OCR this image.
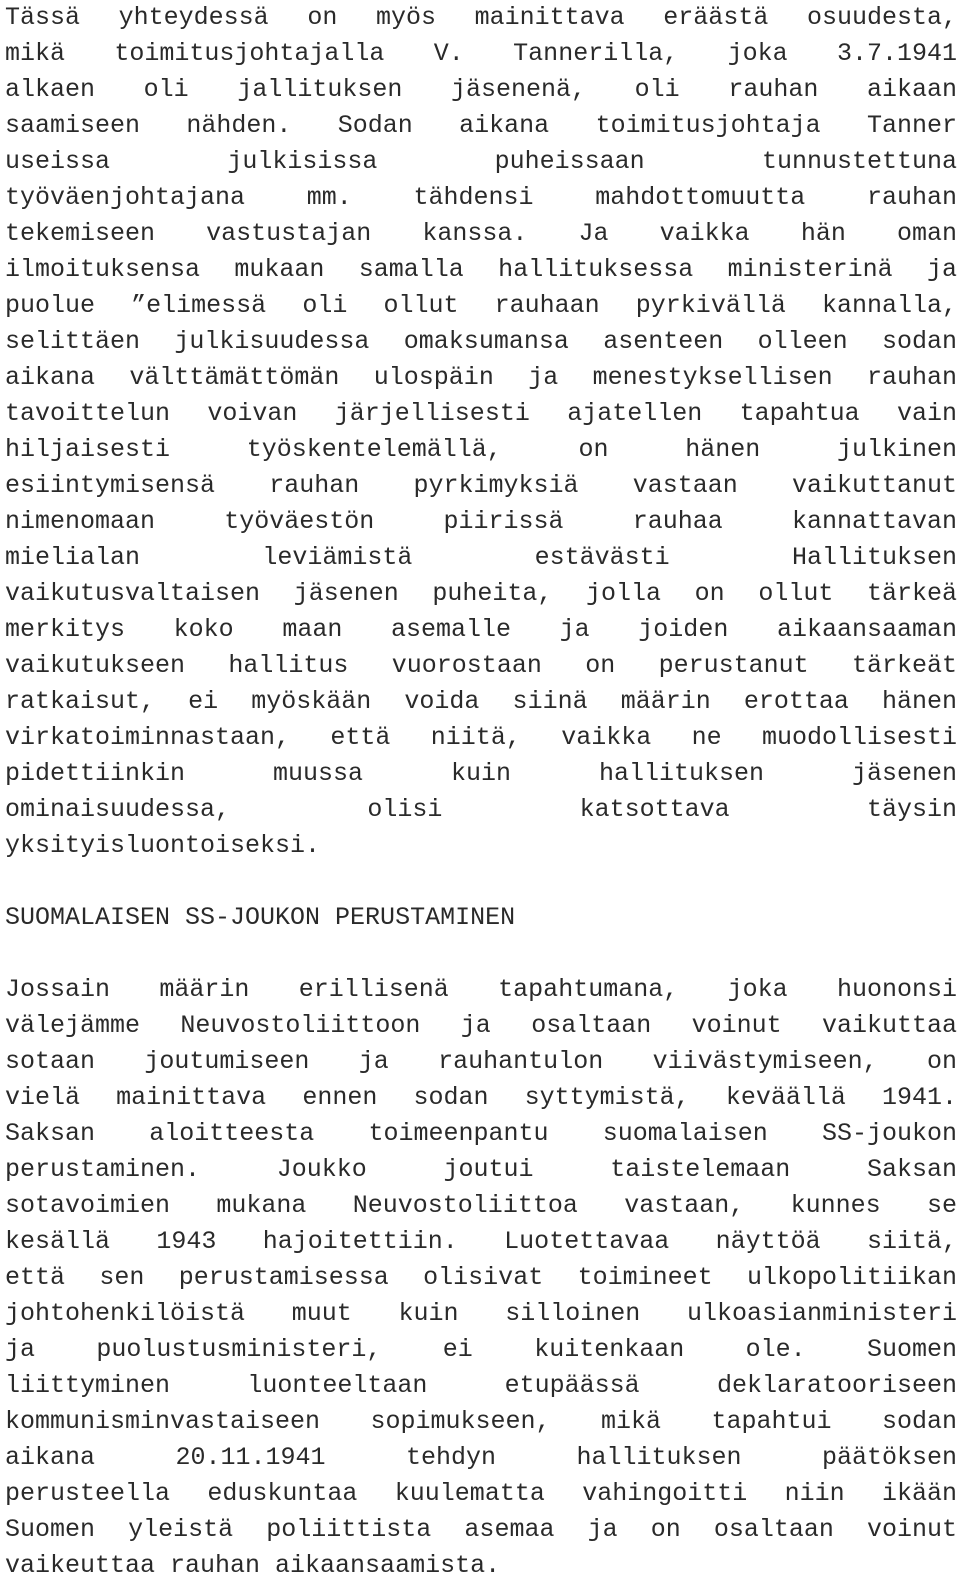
Tässä yhteydessä on myös mainittava eräästä osuudesta,
mikä toimitusjohtajalla V. Tannerilla, joka 3.7.1941
alkaen oli jallituksen jäsenenä, oli rauhan aikaan
saamiseen nähden. Sodan aikana toimitusjohtaja Tanner
useissa julkisissa puheissaan tunnustettuna
työväenjohtajana mm. tähdensi mahdottomuutta rauhan
tekemiseen vastustajan kanssa. Ja vaikka hän oman
ilmoituksensa mukaan samalla hallituksessa ministerinä ja
puolue ”elimessä oli ollut rauhaan pyrkivällä kannalla,
selittäen julkisuudessa omaksumansa asenteen olleen sodan
aikana välttämättömän ulospäin ja menestyksellisen rauhan
tavoittelun voivan järjellisesti ajatellen tapahtua vain
hiljaisesti työskentelemällä, on hänen julkinen
esiintymisensä rauhan pyrkimyksiä vastaan vaikuttanut
nimenomaan työväestön piirissä rauhaa kannattavan
mielialan leviämistä estävästi Hallituksen
vaikutusvaltaisen jäsenen puheita, jolla on ollut tärkeä
merkitys koko maan asemalle ja joiden aikaansaaman
vaikutukseen hallitus vuorostaan on perustanut tärkeät
ratkaisut, ei myöskään voida siinä määrin erottaa hänen
virkatoiminnastaan, että niitä, vaikka ne muodollisesti
pidettiinkin muussa kuin hallituksen jäsenen
ominaisuudessa, olisi katsottava täysin
yksityisluontoiseksi.
SUOMALAISEN SS-JOUKON PERUSTAMINEN
Jossain määrin erillisenä tapahtumana, joka huononsi
välejämme Neuvostoliittoon ja osaltaan voinut vaikuttaa
sotaan joutumiseen ja rauhantulon viivästymiseen, on
vielä mainittava ennen sodan syttymistä, keväällä 1941.
Saksan aloitteesta toimeenpantu suomalaisen SS-joukon
perustaminen. Joukko joutui taistelemaan Saksan
sotavoimien mukana Neuvostoliittoa vastaan, kunnes se
kesällä 1943 hajoitettiin. Luotettavaa näyttöä siitä,
että sen perustamisessa olisivat toimineet ulkopolitiikan
johtohenkilöistä muut kuin silloinen ulkoasianministeri
ja puolustusministeri, ei kuitenkaan ole. Suomen
liittyminen luonteeltaan etupäässä deklaratooriseen
kommunisminvastaiseen sopimukseen, mikä tapahtui sodan
aikana 20.11.1941 tehdyn hallituksen päätöksen
perusteella eduskuntaa kuulematta vahingoitti niin ikään
Suomen yleistä poliittista asemaa ja on osaltaan voinut
vaikeuttaa rauhan aikaansaamista.
